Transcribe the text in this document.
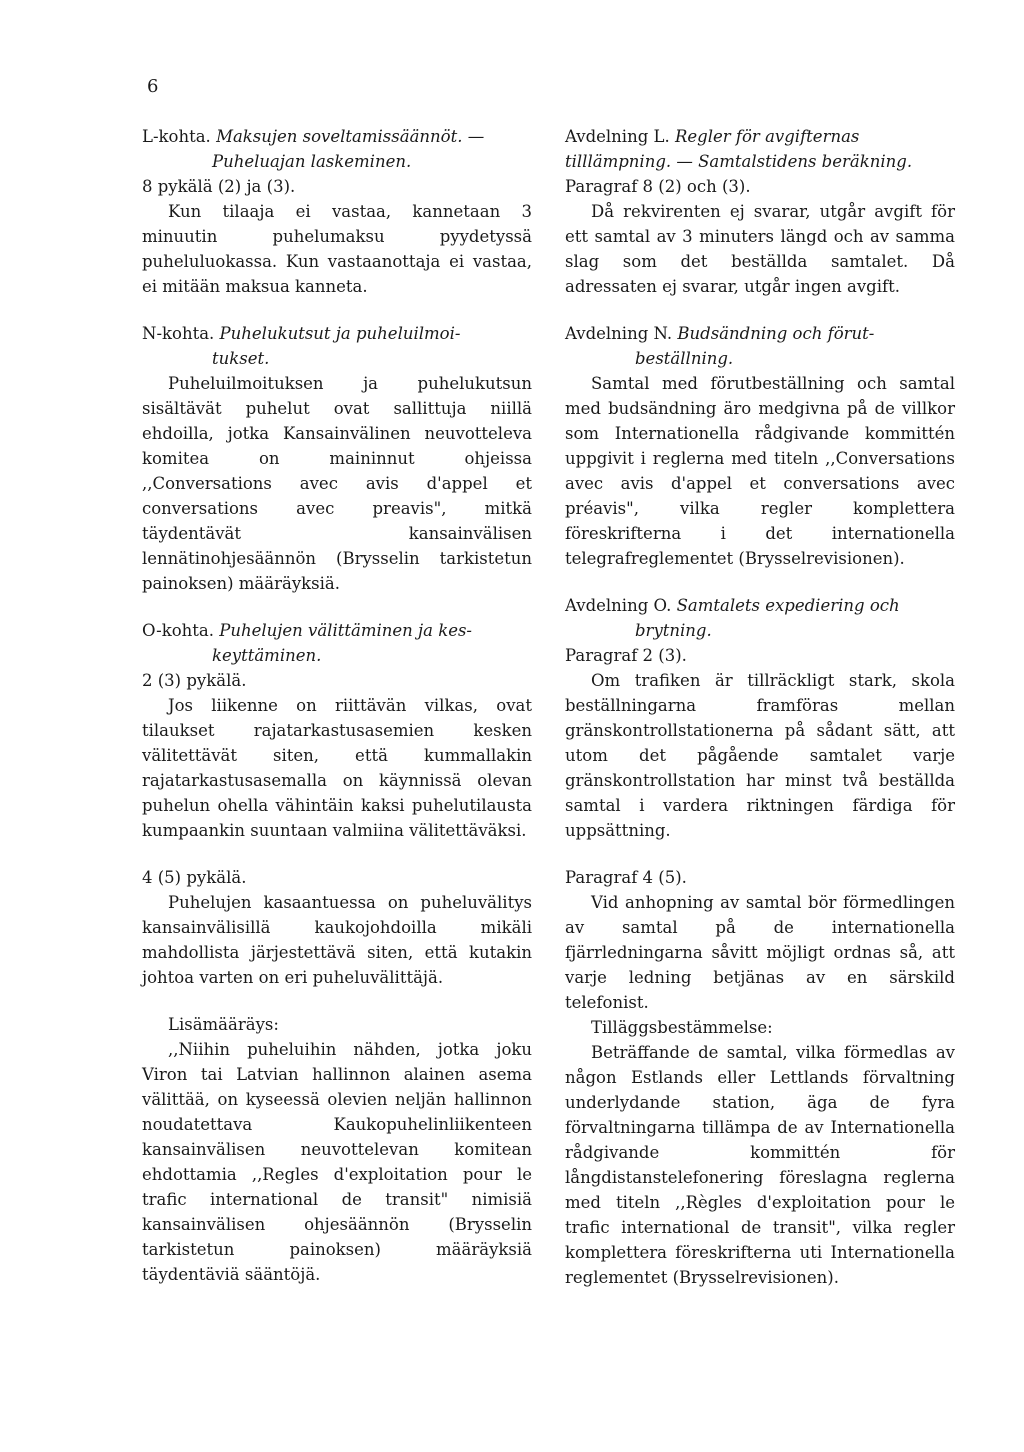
6
L-kohta. Maksujen soveltamissäännöt. —
Puheluajan laskeminen.

8 pykälä (2) ja (3).

Kun tilaaja ei vastaa, kannetaan 3 minuutin puhelumaksu pyydetyssä puheluluokassa. Kun vastaanottaja ei vastaa, ei mitään maksua kanneta.

N-kohta. Puhelukutsut ja puheluilmoi-
tukset.

Puheluilmoituksen ja puhelukutsun sisältävät puhelut ovat sallittuja niillä ehdoilla, jotka Kansainvälinen neuvotteleva komitea on maininnut ohjeissa ,,Conversations avec avis d'appel et conversations avec preavis", mitkä täydentävät kansainvälisen lennätinohjesäännön (Brysselin tarkistetun painoksen) määräyksiä.

O-kohta. Puhelujen välittäminen ja kes-
keyttäminen.

2 (3) pykälä.

Jos liikenne on riittävän vilkas, ovat tilaukset rajatarkastusasemien kesken välitettävät siten, että kummallakin rajatarkastusasemalla on käynnissä olevan puhelun ohella vähintäin kaksi puhelutilausta kumpaankin suuntaan valmiina välitettäväksi.

4 (5) pykälä.

Puhelujen kasaantuessa on puheluvälitys kansainvälisillä kaukojohdoilla mikäli mahdollista järjestettävä siten, että kutakin johtoa varten on eri puheluvälittäjä.

Lisämääräys:

,,Niihin puheluihin nähden, jotka joku Viron tai Latvian hallinnon alainen asema välittää, on kyseessä olevien neljän hallinnon noudatettava Kaukopuhelinliikenteen kansainvälisen neuvottelevan komitean ehdottamia ,,Regles d'exploitation pour le trafic international de transit" nimisiä kansainvälisen ohjesäännön (Brysselin tarkistetun painoksen) määräyksiä täydentäviä sääntöjä.

Avdelning L. Regler för avgifternas tilllämpning. — Samtalstidens beräkning.

Paragraf 8 (2) och (3).

Då rekvirenten ej svarar, utgår avgift för ett samtal av 3 minuters längd och av samma slag som det beställda samtalet. Då adressaten ej svarar, utgår ingen avgift.

Avdelning N. Budsändning och förut-
beställning.

Samtal med förutbeställning och samtal med budsändning äro medgivna på de villkor som Internationella rådgivande kommittén uppgivit i reglerna med titeln ,,Conversations avec avis d'appel et conversations avec préavis", vilka regler komplettera föreskrifterna i det internationella telegrafreglementet (Brysselrevisionen).

Avdelning O. Samtalets expediering och
brytning.

Paragraf 2 (3).

Om trafiken är tillräckligt stark, skola beställningarna framföras mellan gränskontrollstationerna på sådant sätt, att utom det pågående samtalet varje gränskontrollstation har minst två beställda samtal i vardera riktningen färdiga för uppsättning.

Paragraf 4 (5).

Vid anhopning av samtal bör förmedlingen av samtal på de internationella fjärrledningarna såvitt möjligt ordnas så, att varje ledning betjänas av en särskild telefonist.

Tilläggsbestämmelse:

Beträffande de samtal, vilka förmedlas av någon Estlands eller Lettlands förvaltning underlydande station, äga de fyra förvaltningarna tillämpa de av Internationella rådgivande kommittén för långdistanstelefonering föreslagna reglerna med titeln ,,Règles d'exploitation pour le trafic international de transit", vilka regler komplettera föreskrifterna uti Internationella reglementet (Brysselrevisionen).
